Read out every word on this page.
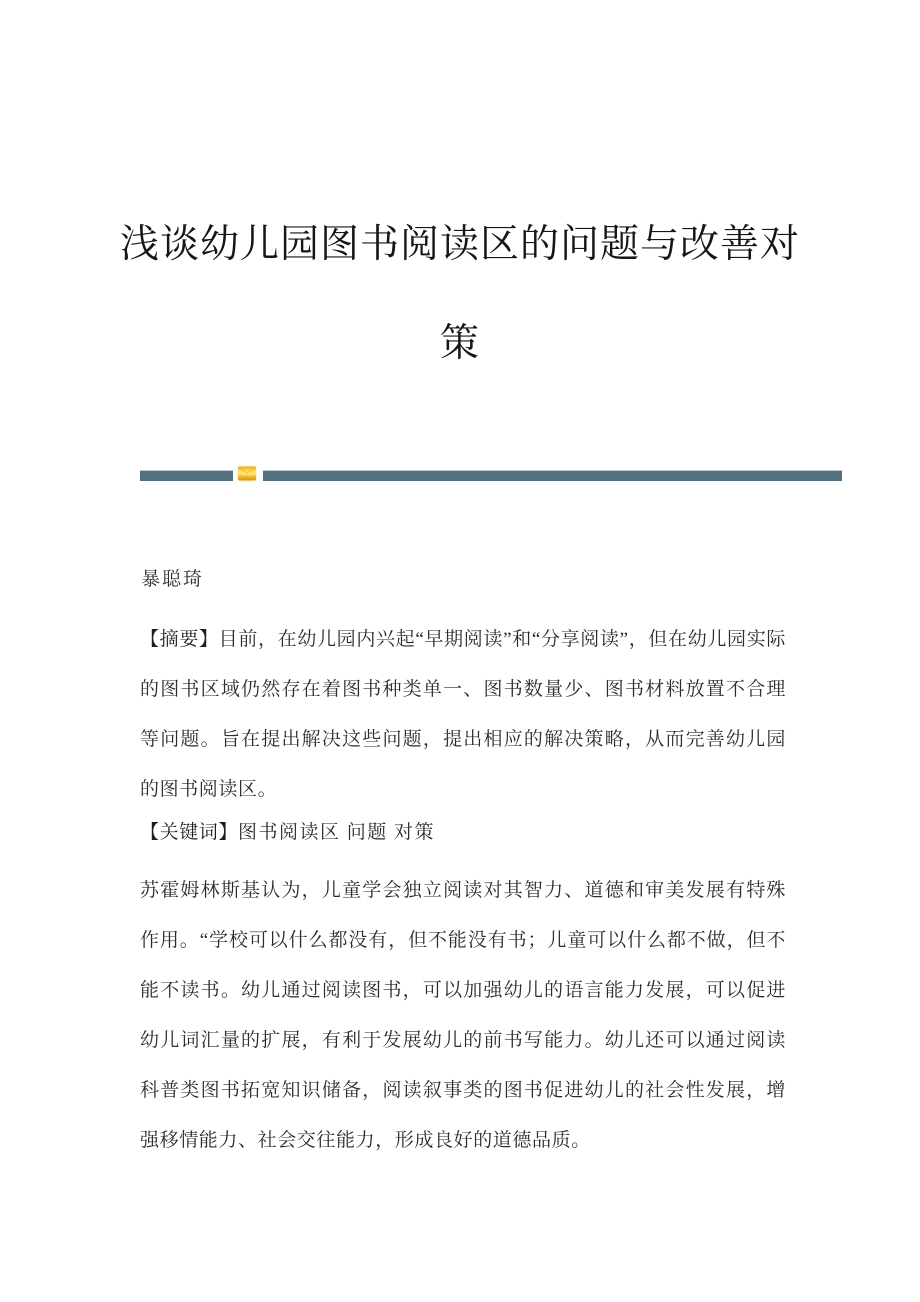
浅谈幼儿园图书阅读区的问题与改善对
策
暴聪琦

【摘要】目前，在幼儿园内兴起“早期阅读”和“分享阅读”，但在幼儿园实际的图书区域仍然存在着图书种类单一、图书数量少、图书材料放置不合理等问题。旨在提出解决这些问题，提出相应的解决策略，从而完善幼儿园的图书阅读区。

【关键词】图书阅读区 问题 对策

苏霍姆林斯基认为，儿童学会独立阅读对其智力、道德和审美发展有特殊作用。“学校可以什么都没有，但不能没有书；儿童可以什么都不做，但不能不读书。幼儿通过阅读图书，可以加强幼儿的语言能力发展，可以促进幼儿词汇量的扩展，有利于发展幼儿的前书写能力。幼儿还可以通过阅读科普类图书拓宽知识储备，阅读叙事类的图书促进幼儿的社会性发展，增强移情能力、社会交往能力，形成良好的道德品质。
